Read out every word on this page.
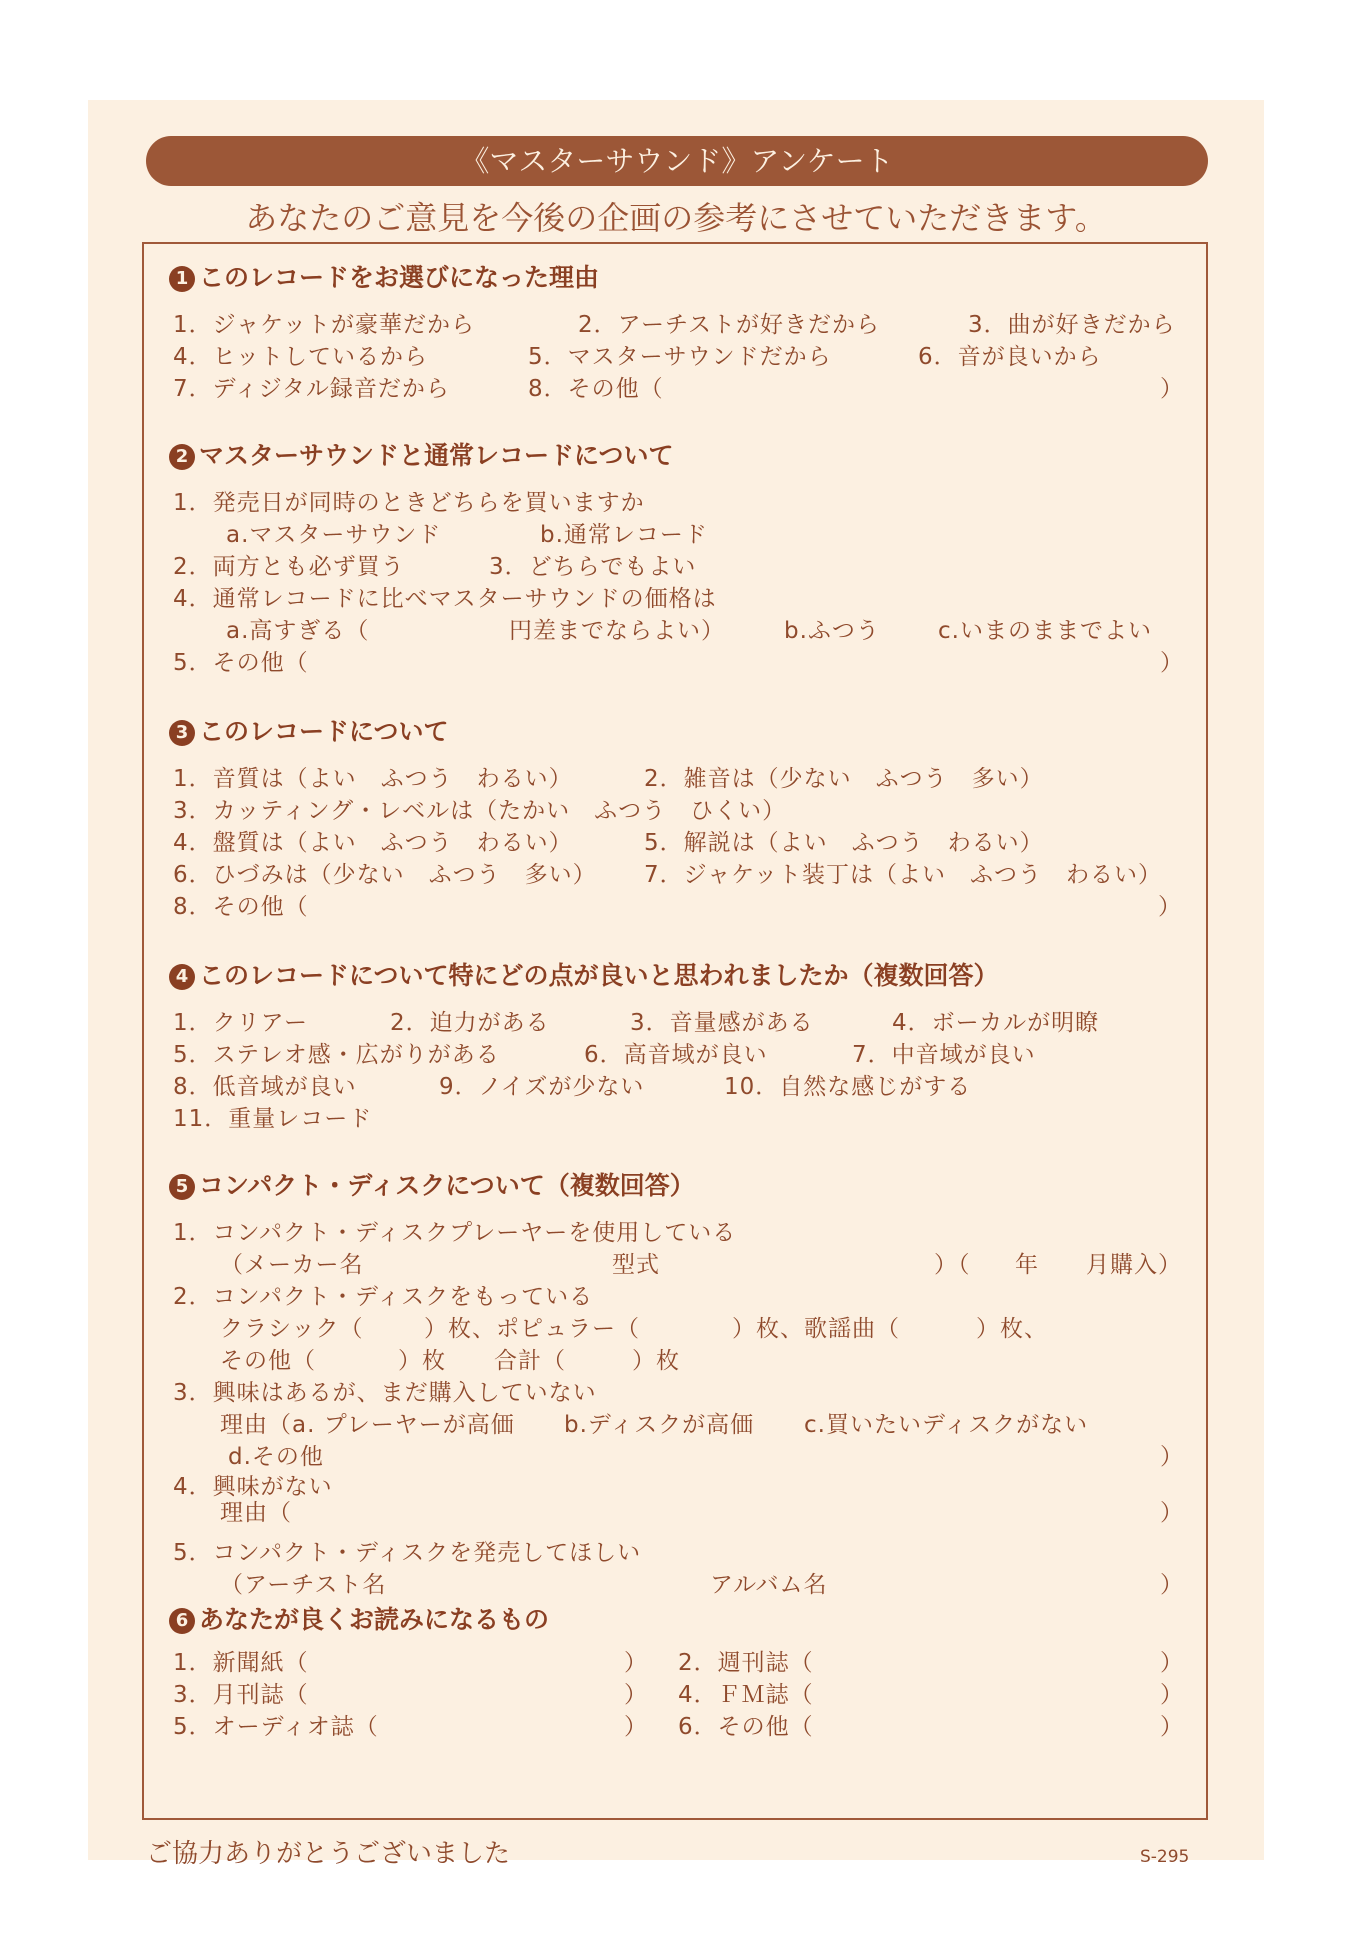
《マスターサウンド》アンケート
あなたのご意見を今後の企画の参考にさせていただきます。
1 このレコードをお選びになった理由
1．ジャケットが豪華だから	2．アーチストが好きだから	3．曲が好きだから
4．ヒットしているから	5．マスターサウンドだから	6．音が良いから
7．ディジタル録音だから	8．その他（	）
2 マスターサウンドと通常レコードについて
1．発売日が同時のときどちらを買いますか
a.マスターサウンド	b.通常レコード
2．両方とも必ず買う	3．どちらでもよい
4．通常レコードに比べマスターサウンドの価格は
a.高すぎる（	円差までならよい）	b.ふつう	c.いまのままでよい
5．その他（	）
3 このレコードについて
1．音質は（よい　ふつう　わるい）	2．雑音は（少ない　ふつう　多い）
3．カッティング・レベルは（たかい　ふつう　ひくい）
4．盤質は（よい　ふつう　わるい）	5．解説は（よい　ふつう　わるい）
6．ひづみは（少ない　ふつう　多い） 7．ジャケット装丁は（よい　ふつう　わるい）
8．その他（	）
4 このレコードについて特にどの点が良いと思われましたか（複数回答）
1．クリアー	2．迫力がある	3．音量感がある	4．ボーカルが明瞭
5．ステレオ感・広がりがある	6．高音域が良い	7．中音域が良い
8．低音域が良い	9．ノイズが少ない	10．自然な感じがする
11．重量レコード
5 コンパクト・ディスクについて（複数回答）
1．コンパクト・ディスクプレーヤーを使用している
（メーカー名	型式	）（ 年 月購入）
2．コンパクト・ディスクをもっている
クラシック（	）枚、ポピュラー（	）枚、歌謡曲（	）枚、
その他（	）枚 合計（	）枚
3．興味はあるが、まだ購入していない
理由（a. プレーヤーが高価 b.ディスクが高価 c.買いたいディスクがない
d.その他	）
4．興味がない
理由（	）
5．コンパクト・ディスクを発売してほしい
（アーチスト名	アルバム名	）
6 あなたが良くお読みになるもの
1．新聞紙（	） 2．週刊誌（	）
3．月刊誌（	） 4．ＦＭ誌（	）
5．オーディオ誌（	） 6．その他（	）
ご協力ありがとうございました	S-295
